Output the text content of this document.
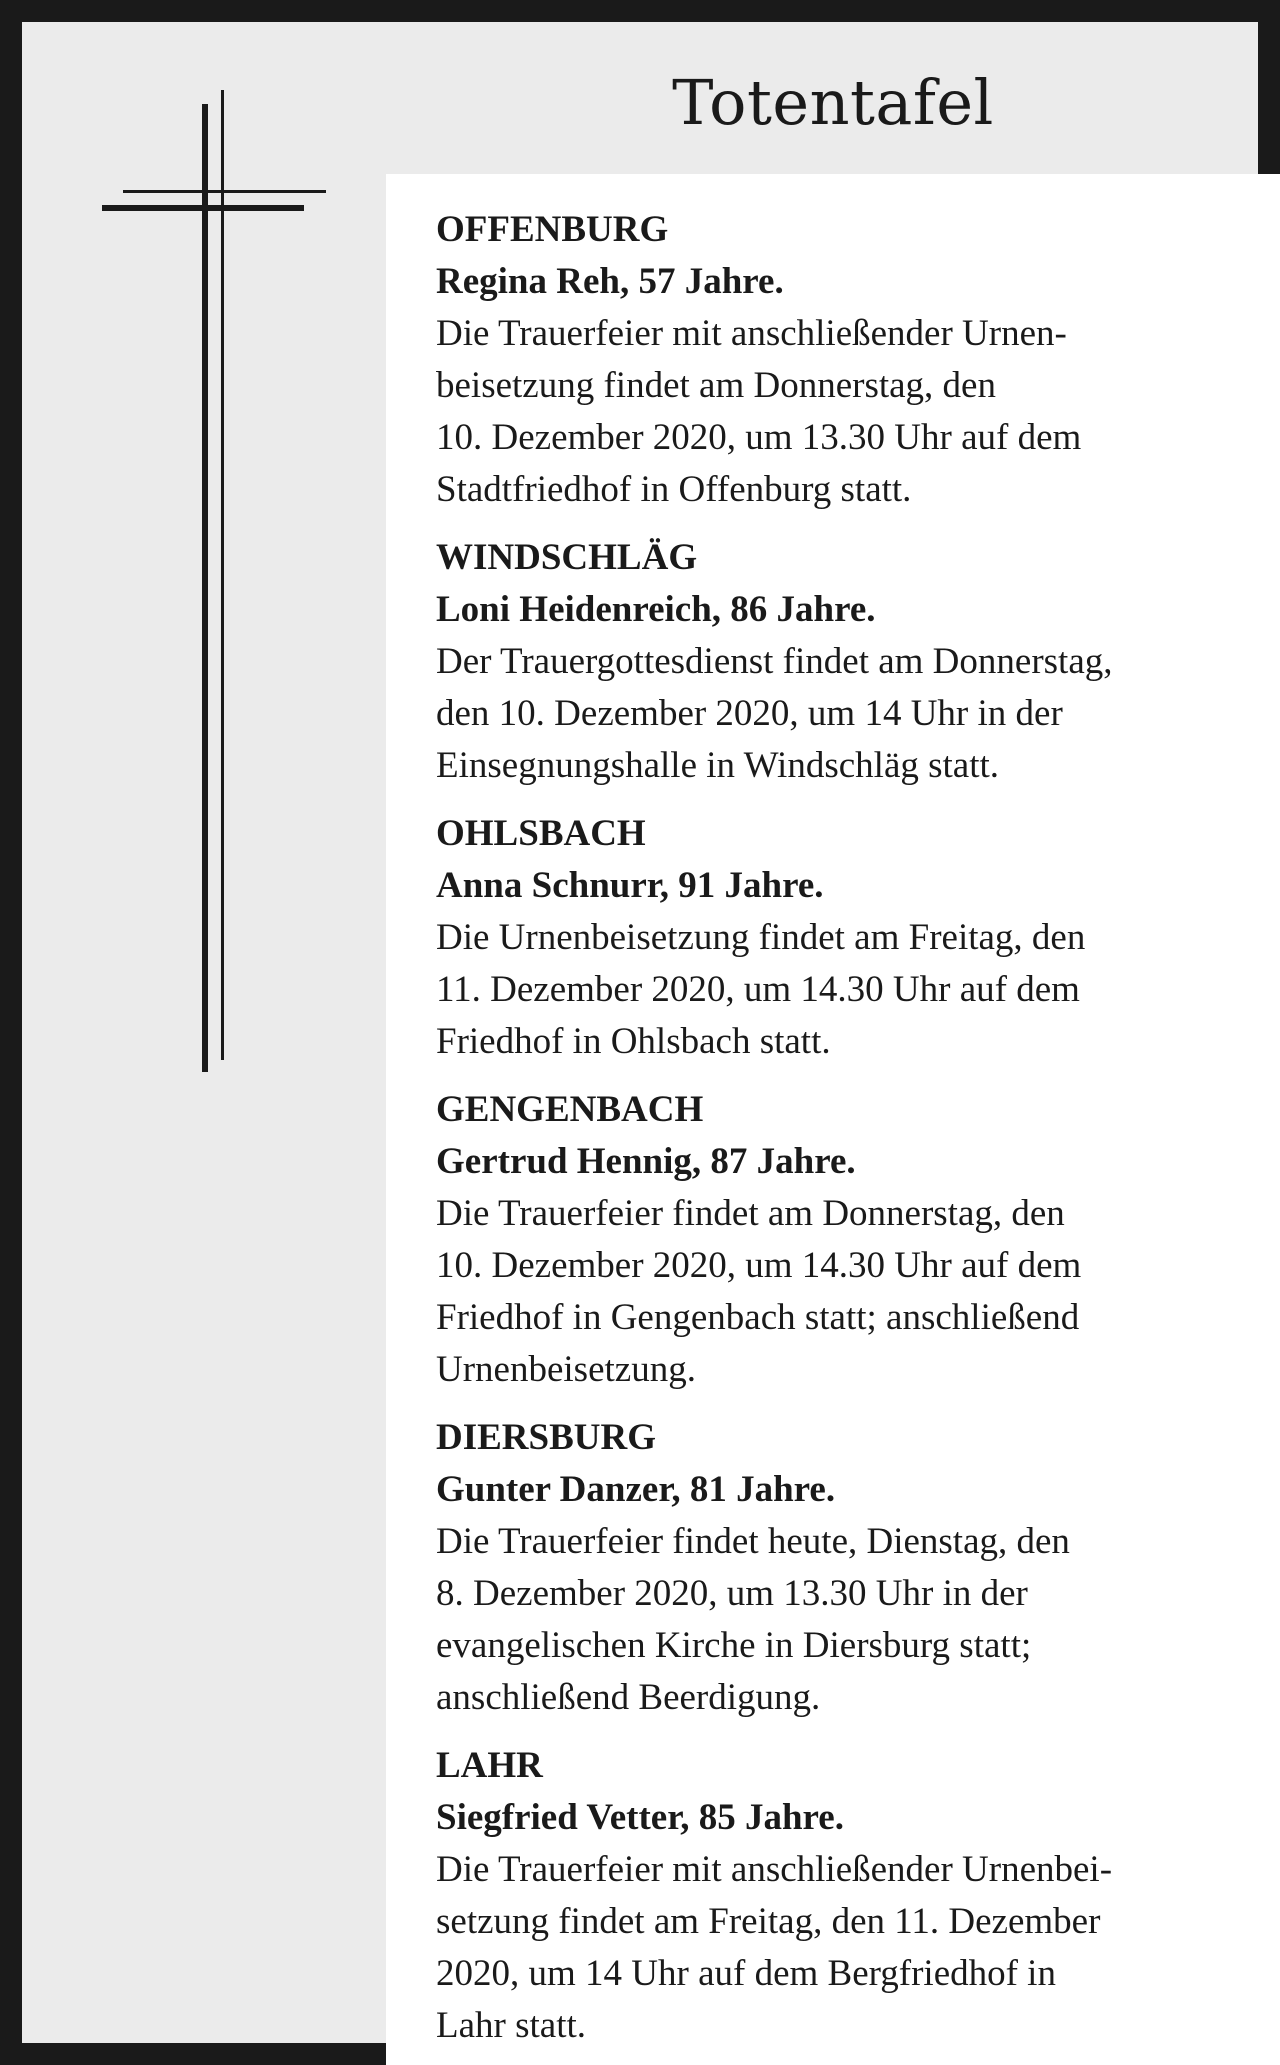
Totentafel
OFFENBURG
Regina Reh, 57 Jahre.
Die Trauerfeier mit anschließender Urnen-
beisetzung findet am Donnerstag, den
10. Dezember 2020, um 13.30 Uhr auf dem
Stadtfriedhof in Offenburg statt.
WINDSCHLÄG
Loni Heidenreich, 86 Jahre.
Der Trauergottesdienst findet am Donnerstag,
den 10. Dezember 2020, um 14 Uhr in der
Einsegnungshalle in Windschläg statt.
OHLSBACH
Anna Schnurr, 91 Jahre.
Die Urnenbeisetzung findet am Freitag, den
11. Dezember 2020, um 14.30 Uhr auf dem
Friedhof in Ohlsbach statt.
GENGENBACH
Gertrud Hennig, 87 Jahre.
Die Trauerfeier findet am Donnerstag, den
10. Dezember 2020, um 14.30 Uhr auf dem
Friedhof in Gengenbach statt; anschließend
Urnenbeisetzung.
DIERSBURG
Gunter Danzer, 81 Jahre.
Die Trauerfeier findet heute, Dienstag, den
8. Dezember 2020, um 13.30 Uhr in der
evangelischen Kirche in Diersburg statt;
anschließend Beerdigung.
LAHR
Siegfried Vetter, 85 Jahre.
Die Trauerfeier mit anschließender Urnenbei-
setzung findet am Freitag, den 11. Dezember
2020, um 14 Uhr auf dem Bergfriedhof in
Lahr statt.
